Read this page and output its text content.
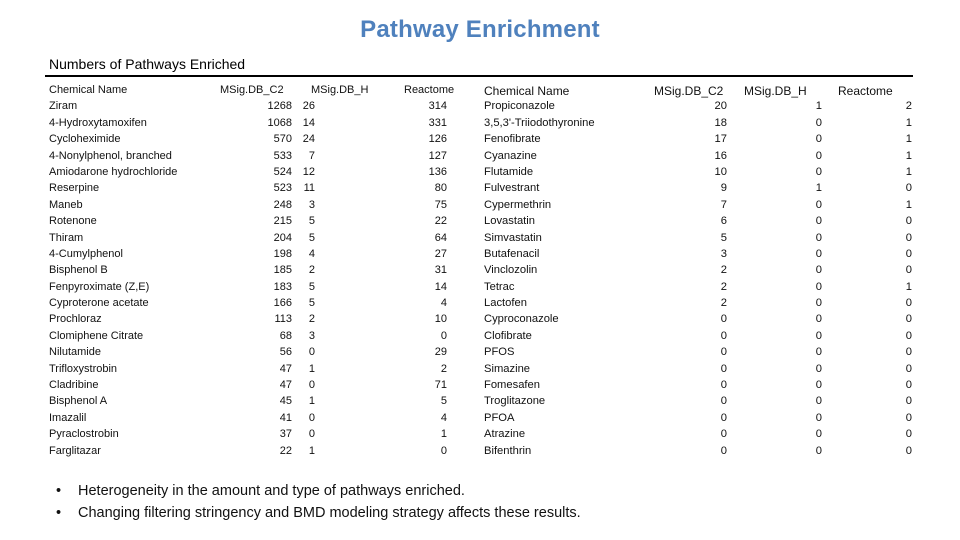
Pathway Enrichment
Numbers of Pathways Enriched
Chemical Name	MSig.DB_C2 MSig.DB_H	Reactome
Ziram	1268 26	314
4-Hydroxytamoxifen	1068 14	331
Cycloheximide	570 24	126
4-Nonylphenol, branched	533	7	127
Amiodarone hydrochloride	524 12	136
Reserpine	523	11	80
Maneb	248	3	75
Rotenone	215	5	22
Thiram	204	5	64
4-Cumylphenol	198	4	27
Bisphenol B	185	2	31
Fenpyroximate (Z,E)	183	5	14
Cyproterone acetate	166	5	4
Prochloraz	113	2	10
Clomiphene Citrate	68	3	0
Nilutamide	56	0	29
Trifloxystrobin	47	1	2
Cladribine	47	0	71
Bisphenol A	45	1	5
Imazalil	41	0	4
Pyraclostrobin	37	0	1
Farglitazar	22	1	0
Chemical Name	MSig.DB_C2 MSig.DB_H	Reactome
Propiconazole	20	1	2
3,5,3'-Triiodothyronine	18	0	1
Fenofibrate	17	0	1
Cyanazine	16	0	1
Flutamide	10	0	1
Fulvestrant	9	1	0
Cypermethrin	7	0	1
Lovastatin	6	0	0
Simvastatin	5	0	0
Butafenacil	3	0	0
Vinclozolin	2	0	0
Tetrac	2	0	1
Lactofen	2	0	0
Cyproconazole	0	0	0
Clofibrate	0	0	0
PFOS	0	0	0
Simazine	0	0	0
Fomesafen	0	0	0
Troglitazone	0	0	0
PFOA	0	0	0
Atrazine	0	0	0
Bifenthrin	0	0	0
• Heterogeneity in the amount and type of pathways enriched.
• Changing filtering stringency and BMD modeling strategy affects these results.
